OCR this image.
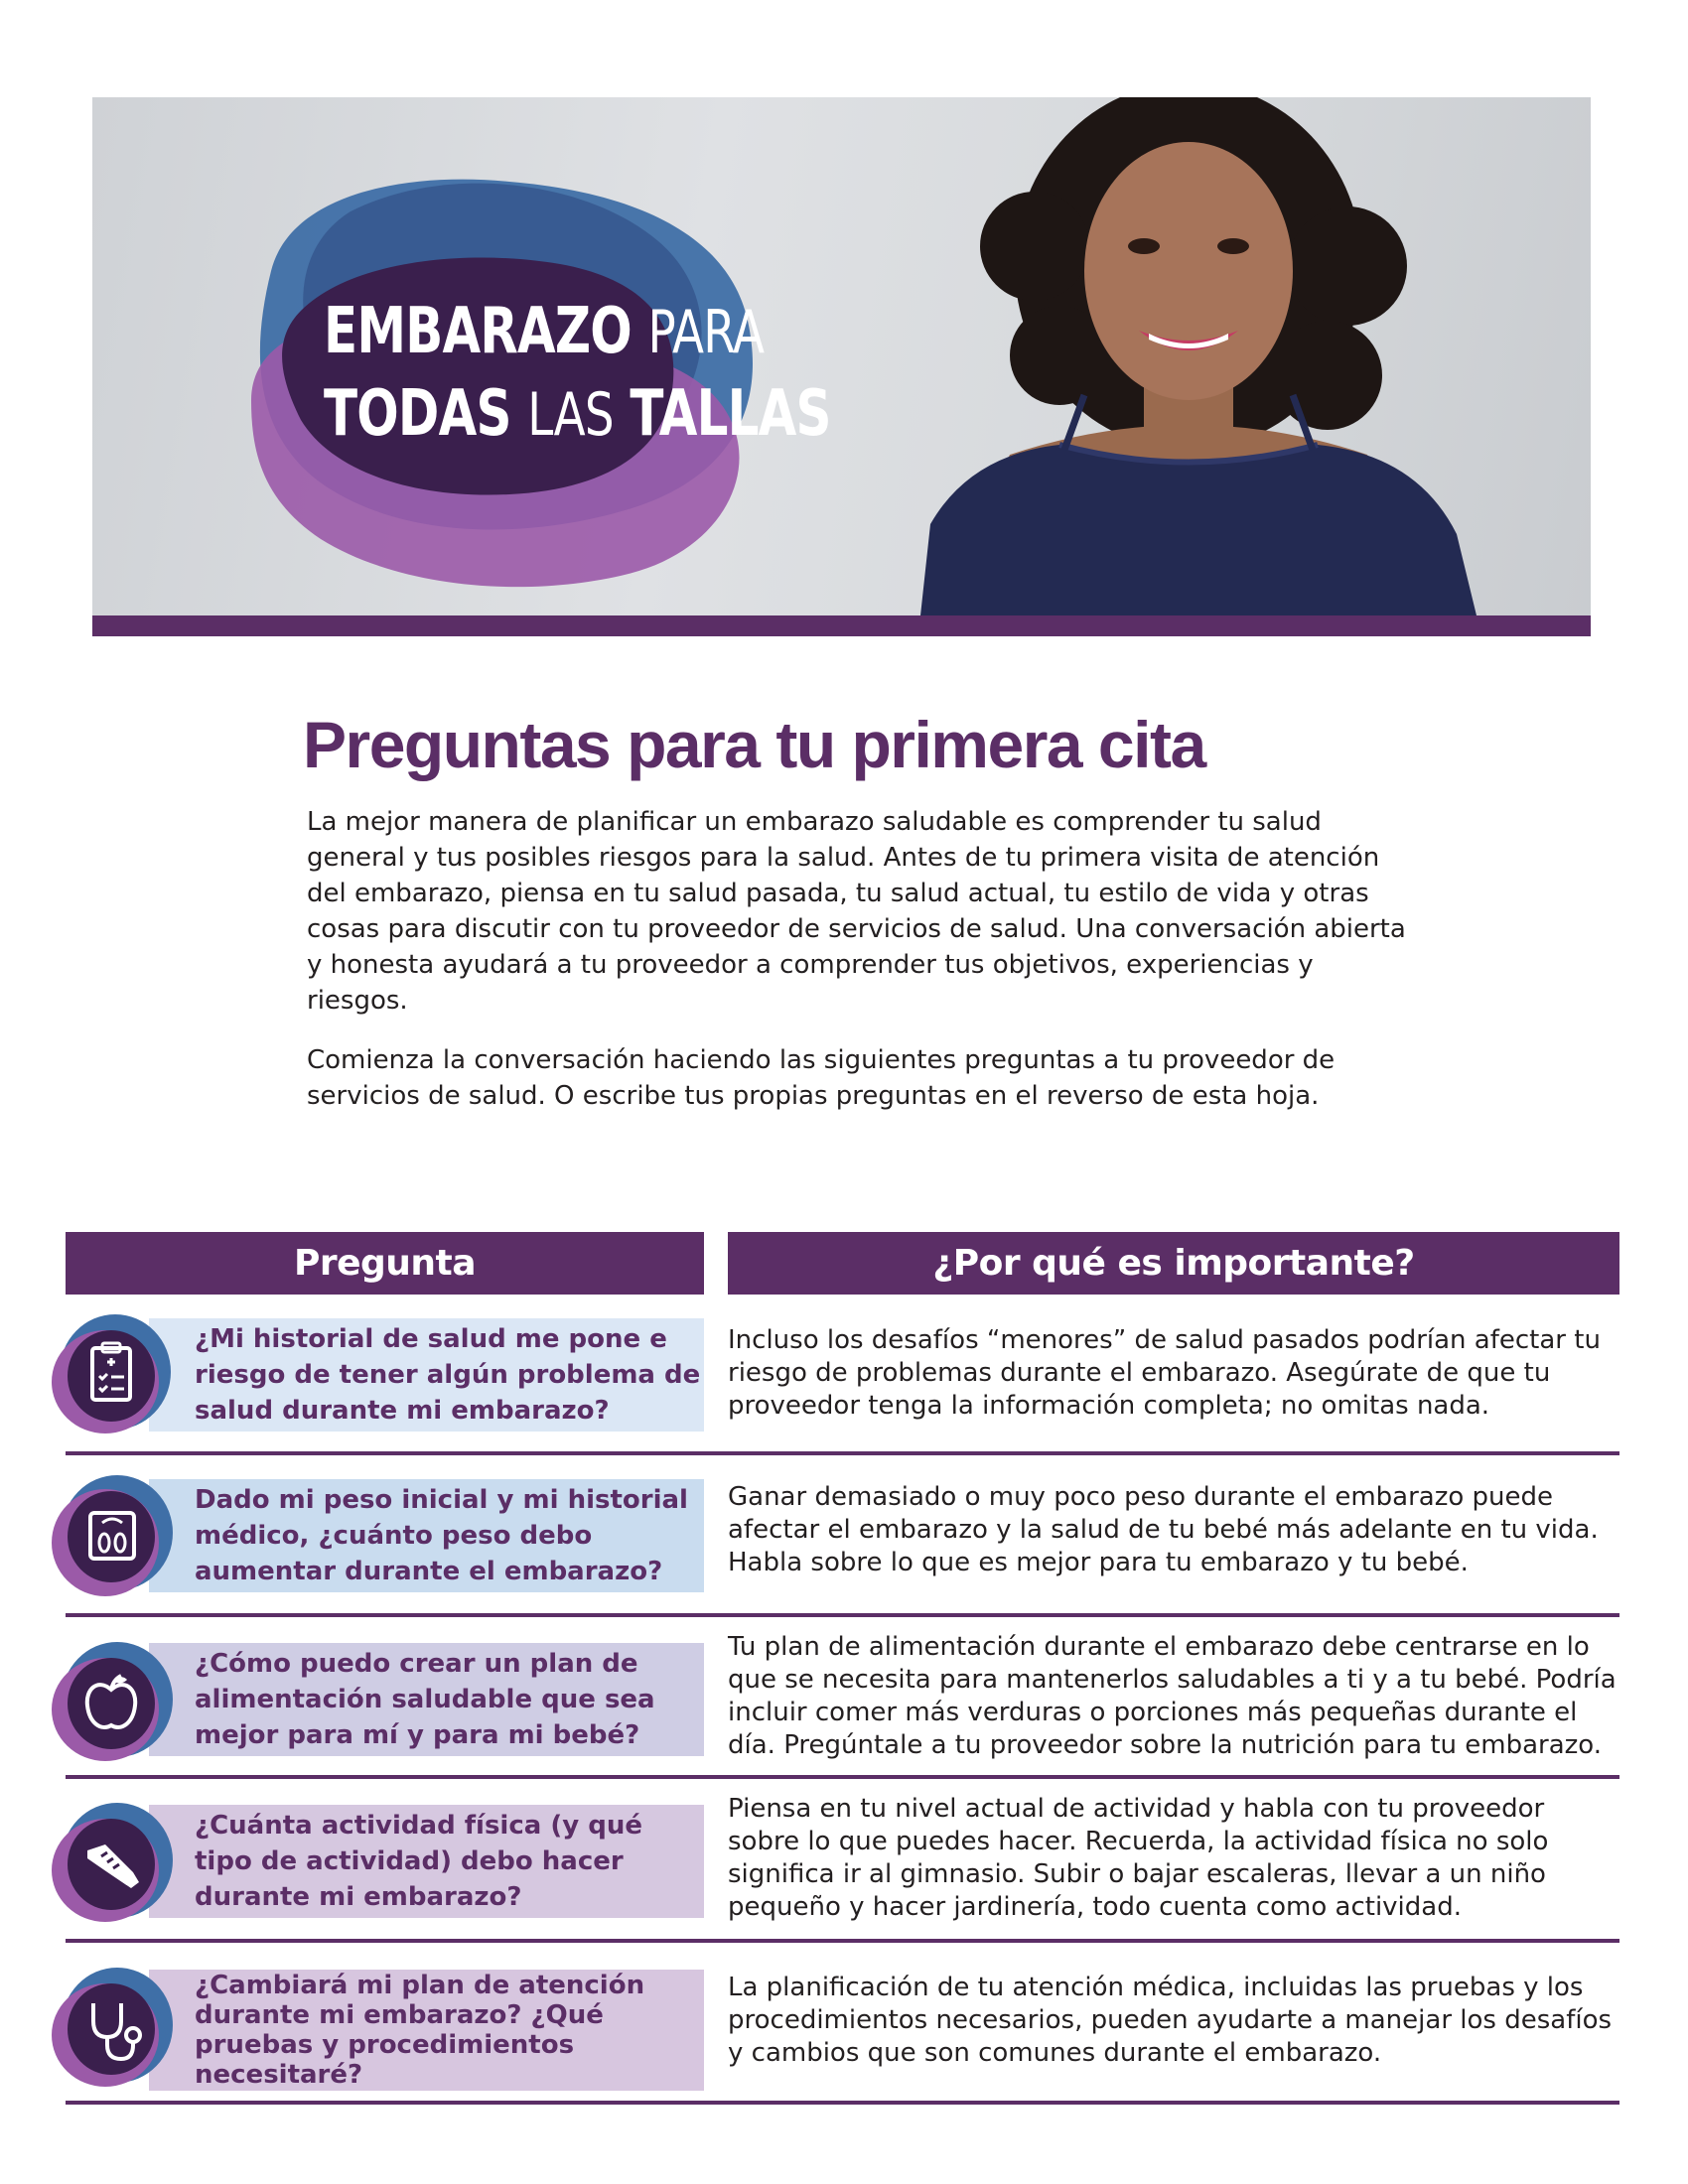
EMBARAZO PARA
TODAS LAS TALLAS
Preguntas para tu primera cita

La mejor manera de planificar un embarazo saludable es comprender tu salud general y tus posibles riesgos para la salud. Antes de tu primera visita de atención del embarazo, piensa en tu salud pasada, tu salud actual, tu estilo de vida y otras cosas para discutir con tu proveedor de servicios de salud. Una conversación abierta y honesta ayudará a tu proveedor a comprender tus objetivos, experiencias y riesgos.

Comienza la conversación haciendo las siguientes preguntas a tu proveedor de servicios de salud. O escribe tus propias preguntas en el reverso de esta hoja.

Pregunta	¿Por qué es importante?
¿Mi historial de salud me pone e riesgo de tener algún problema de salud durante mi embarazo?

Incluso los desafíos “menores” de salud pasados podrían afectar tu riesgo de problemas durante el embarazo. Asegúrate de que tu proveedor tenga la información completa; no omitas nada.

Dado mi peso inicial y mi historial médico, ¿cuánto peso debo aumentar durante el embarazo?

Ganar demasiado o muy poco peso durante el embarazo puede afectar el embarazo y la salud de tu bebé más adelante en tu vida. Habla sobre lo que es mejor para tu embarazo y tu bebé.

¿Cómo puedo crear un plan de alimentación saludable que sea mejor para mí y para mi bebé?

Tu plan de alimentación durante el embarazo debe centrarse en lo que se necesita para mantenerlos saludables a ti y a tu bebé. Podría incluir comer más verduras o porciones más pequeñas durante el día. Pregúntale a tu proveedor sobre la nutrición para tu embarazo.

¿Cuánta actividad física (y qué tipo de actividad) debo hacer durante mi embarazo?

Piensa en tu nivel actual de actividad y habla con tu proveedor sobre lo que puedes hacer. Recuerda, la actividad física no solo significa ir al gimnasio. Subir o bajar escaleras, llevar a un niño pequeño y hacer jardinería, todo cuenta como actividad.

¿Cambiará mi plan de atención durante mi embarazo? ¿Qué pruebas y procedimientos necesitaré?

La planificación de tu atención médica, incluidas las pruebas y los procedimientos necesarios, pueden ayudarte a manejar los desafíos y cambios que son comunes durante el embarazo.
